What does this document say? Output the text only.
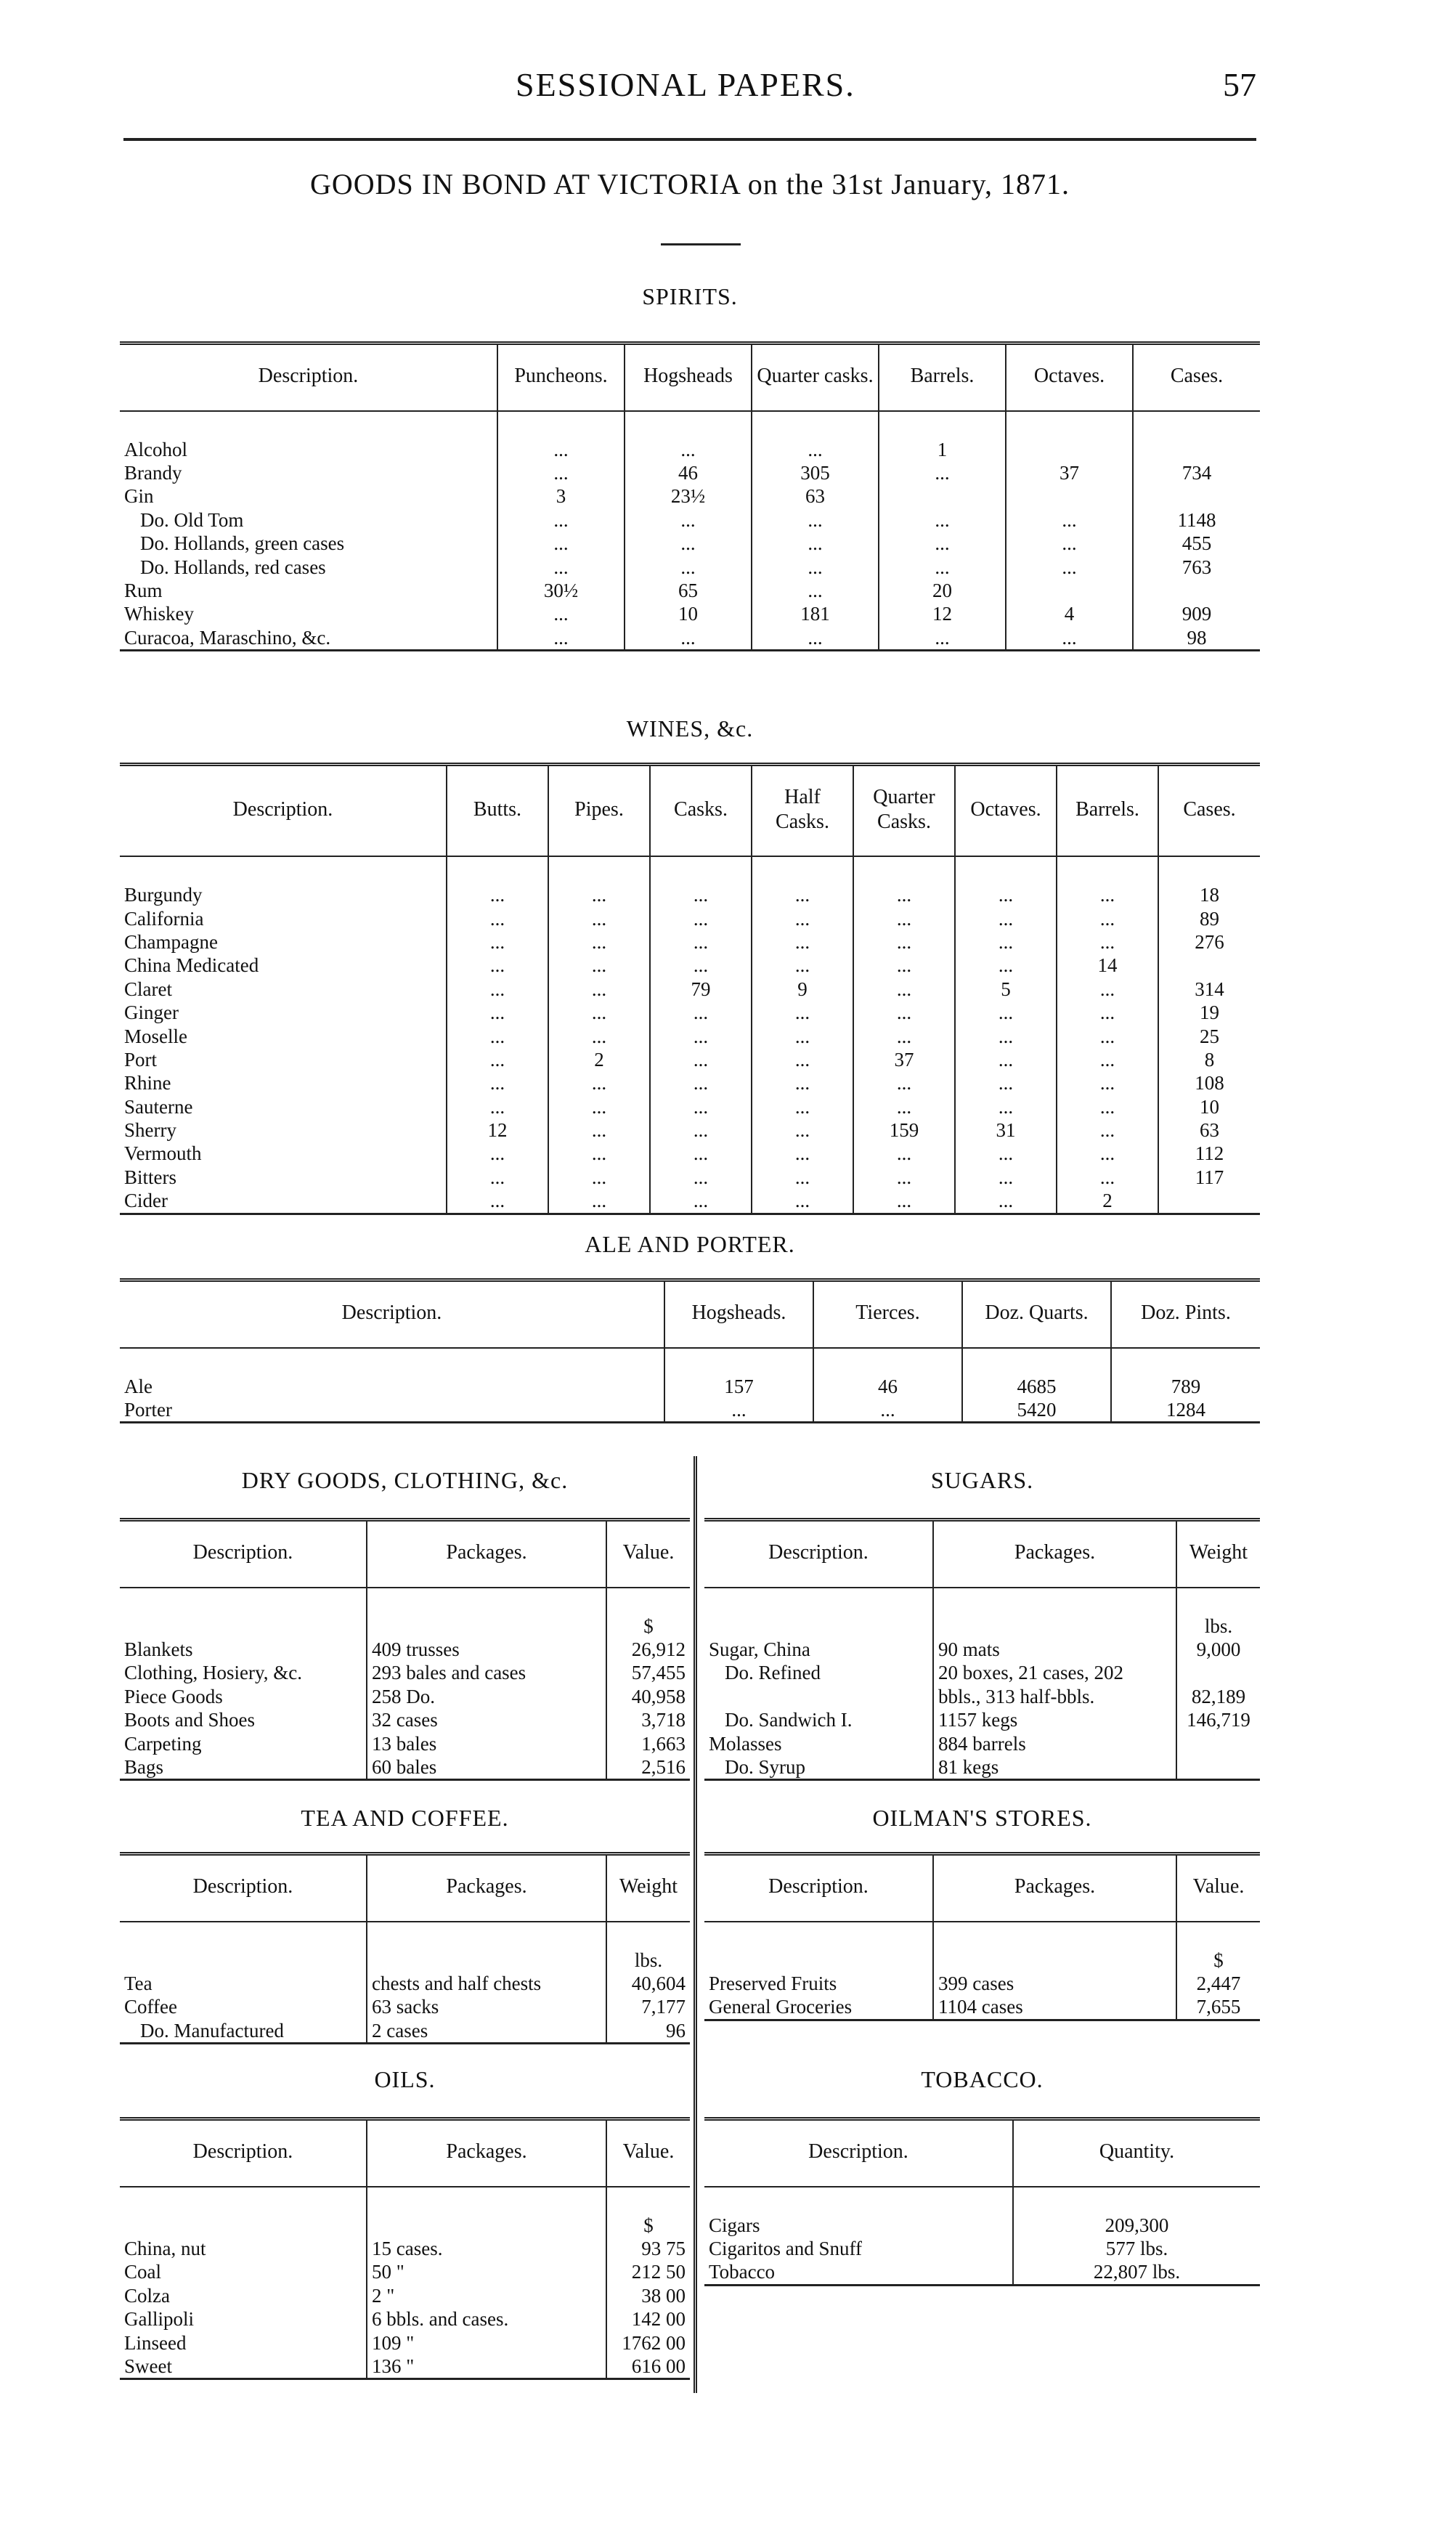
SESSIONAL PAPERS.	57
GOODS IN BOND AT VICTORIA on the 31st January, 1871.
SPIRITS.
Description.	Puncheons.	Hogsheads	Quarter casks.	Barrels.	Octaves.	Cases.
Alcohol	...	...	...	1		
Brandy	...	46	305	...	37	734
Gin	3	23½	63			
Do. Old Tom	...	...	...	...	...	1148
Do. Hollands, green cases	...	...	...	...	...	455
Do. Hollands, red cases	...	...	...	...	...	763
Rum	30½	65	...	20		
Whiskey	...	10	181	12	4	909
Curacoa, Maraschino, &c.	...	...	...	...	...	98
WINES, &c.
Description.	Butts.	Pipes.	Casks.	Half Casks.	Quarter Casks.	Octaves.	Barrels.	Cases.
Burgundy	...	...	...	...	...	...	...	18
California	...	...	...	...	...	...	...	89
Champagne	...	...	...	...	...	...	...	276
China Medicated	...	...	...	...	...	...	14	
Claret	...	...	79	9	...	5	...	314
Ginger	...	...	...	...	...	...	...	19
Moselle	...	...	...	...	...	...	...	25
Port	...	2	...	...	37	...	...	8
Rhine	...	...	...	...	...	...	...	108
Sauterne	...	...	...	...	...	...	...	10
Sherry	12	...	...	...	159	31	...	63
Vermouth	...	...	...	...	...	...	...	112
Bitters	...	...	...	...	...	...	...	117
Cider	...	...	...	...	...	...	2	
ALE AND PORTER.
Description.	Hogsheads.	Tierces.	Doz. Quarts.	Doz. Pints.
Ale	157	46	4685	789
Porter	...	...	5420	1284
DRY GOODS, CLOTHING, &c.
Description.	Packages.	Value.
		$
Blankets	409 trusses	26,912
Clothing, Hosiery, &c.	293 bales and cases	57,455
Piece Goods	258 Do.	40,958
Boots and Shoes	32 cases	3,718
Carpeting	13 bales	1,663
Bags	60 bales	2,516
SUGARS.
Description.	Packages.	Weight
		lbs.
Sugar, China	90 mats	9,000
Do. Refined	20 boxes, 21 cases, 202	
	bbls., 313 half-bbls.	82,189
Do. Sandwich I.	1157 kegs	146,719
Molasses	884 barrels	
Do. Syrup	81 kegs	
TEA AND COFFEE.
Description.	Packages.	Weight
		lbs.
Tea	chests and half chests	40,604
Coffee	63 sacks	7,177
Do. Manufactured	2 cases	96
OILMAN'S STORES.
Description.	Packages.	Value.
		$
Preserved Fruits	399 cases	2,447
General Groceries	1104 cases	7,655
OILS.
Description.	Packages.	Value.
		$
China, nut	15 cases.	93 75
Coal	50 "	212 50
Colza	2 "	38 00
Gallipoli	6 bbls. and cases.	142 00
Linseed	109 "	1762 00
Sweet	136 "	616 00
TOBACCO.
Description.	Quantity.
Cigars	209,300
Cigaritos and Snuff	577 lbs.
Tobacco	22,807 lbs.
